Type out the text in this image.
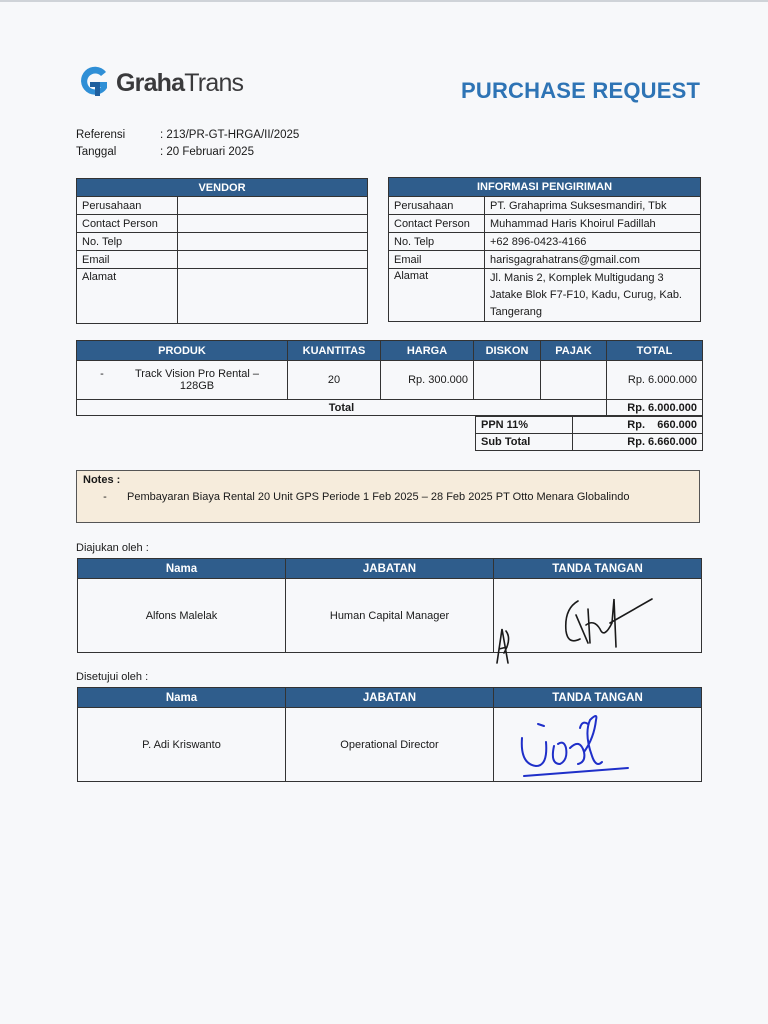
GrahaTrans	PURCHASE REQUEST
Referensi	: 213/PR-GT-HRGA/II/2025
Tanggal	: 20 Februari 2025
VENDOR	
Perusahaan	
Contact Person	
No. Telp	
Email	
Alamat	
INFORMASI PENGIRIMAN	
Perusahaan	PT. Grahaprima Suksesmandiri, Tbk
Contact Person	Muhammad Haris Khoirul Fadillah
No. Telp	+62 896-0423-4166
Email	harisgagrahatrans@gmail.com
Alamat	Jl. Manis 2, Komplek Multigudang 3 Jatake Blok F7-F10, Kadu, Curug, Kab. Tangerang
PRODUK	KUANTITAS	HARGA	DISKON	PAJAK	TOTAL

- Track Vision Pro Rental – 128GB	20	Rp. 300.000			Rp. 6.000.000
Total					Rp. 6.000.000
PPN 11%	Rp.    660.000
Sub Total	Rp. 6.660.000
Notes :
-	Pembayaran Biaya Rental 20 Unit GPS Periode 1 Feb 2025 – 28 Feb 2025 PT Otto Menara Globalindo
Diajukan oleh :
Nama	JABATAN	TANDA TANGAN
Alfons Malelak	Human Capital Manager	
Disetujui oleh :
Nama	JABATAN	TANDA TANGAN
P. Adi Kriswanto	Operational Director	
